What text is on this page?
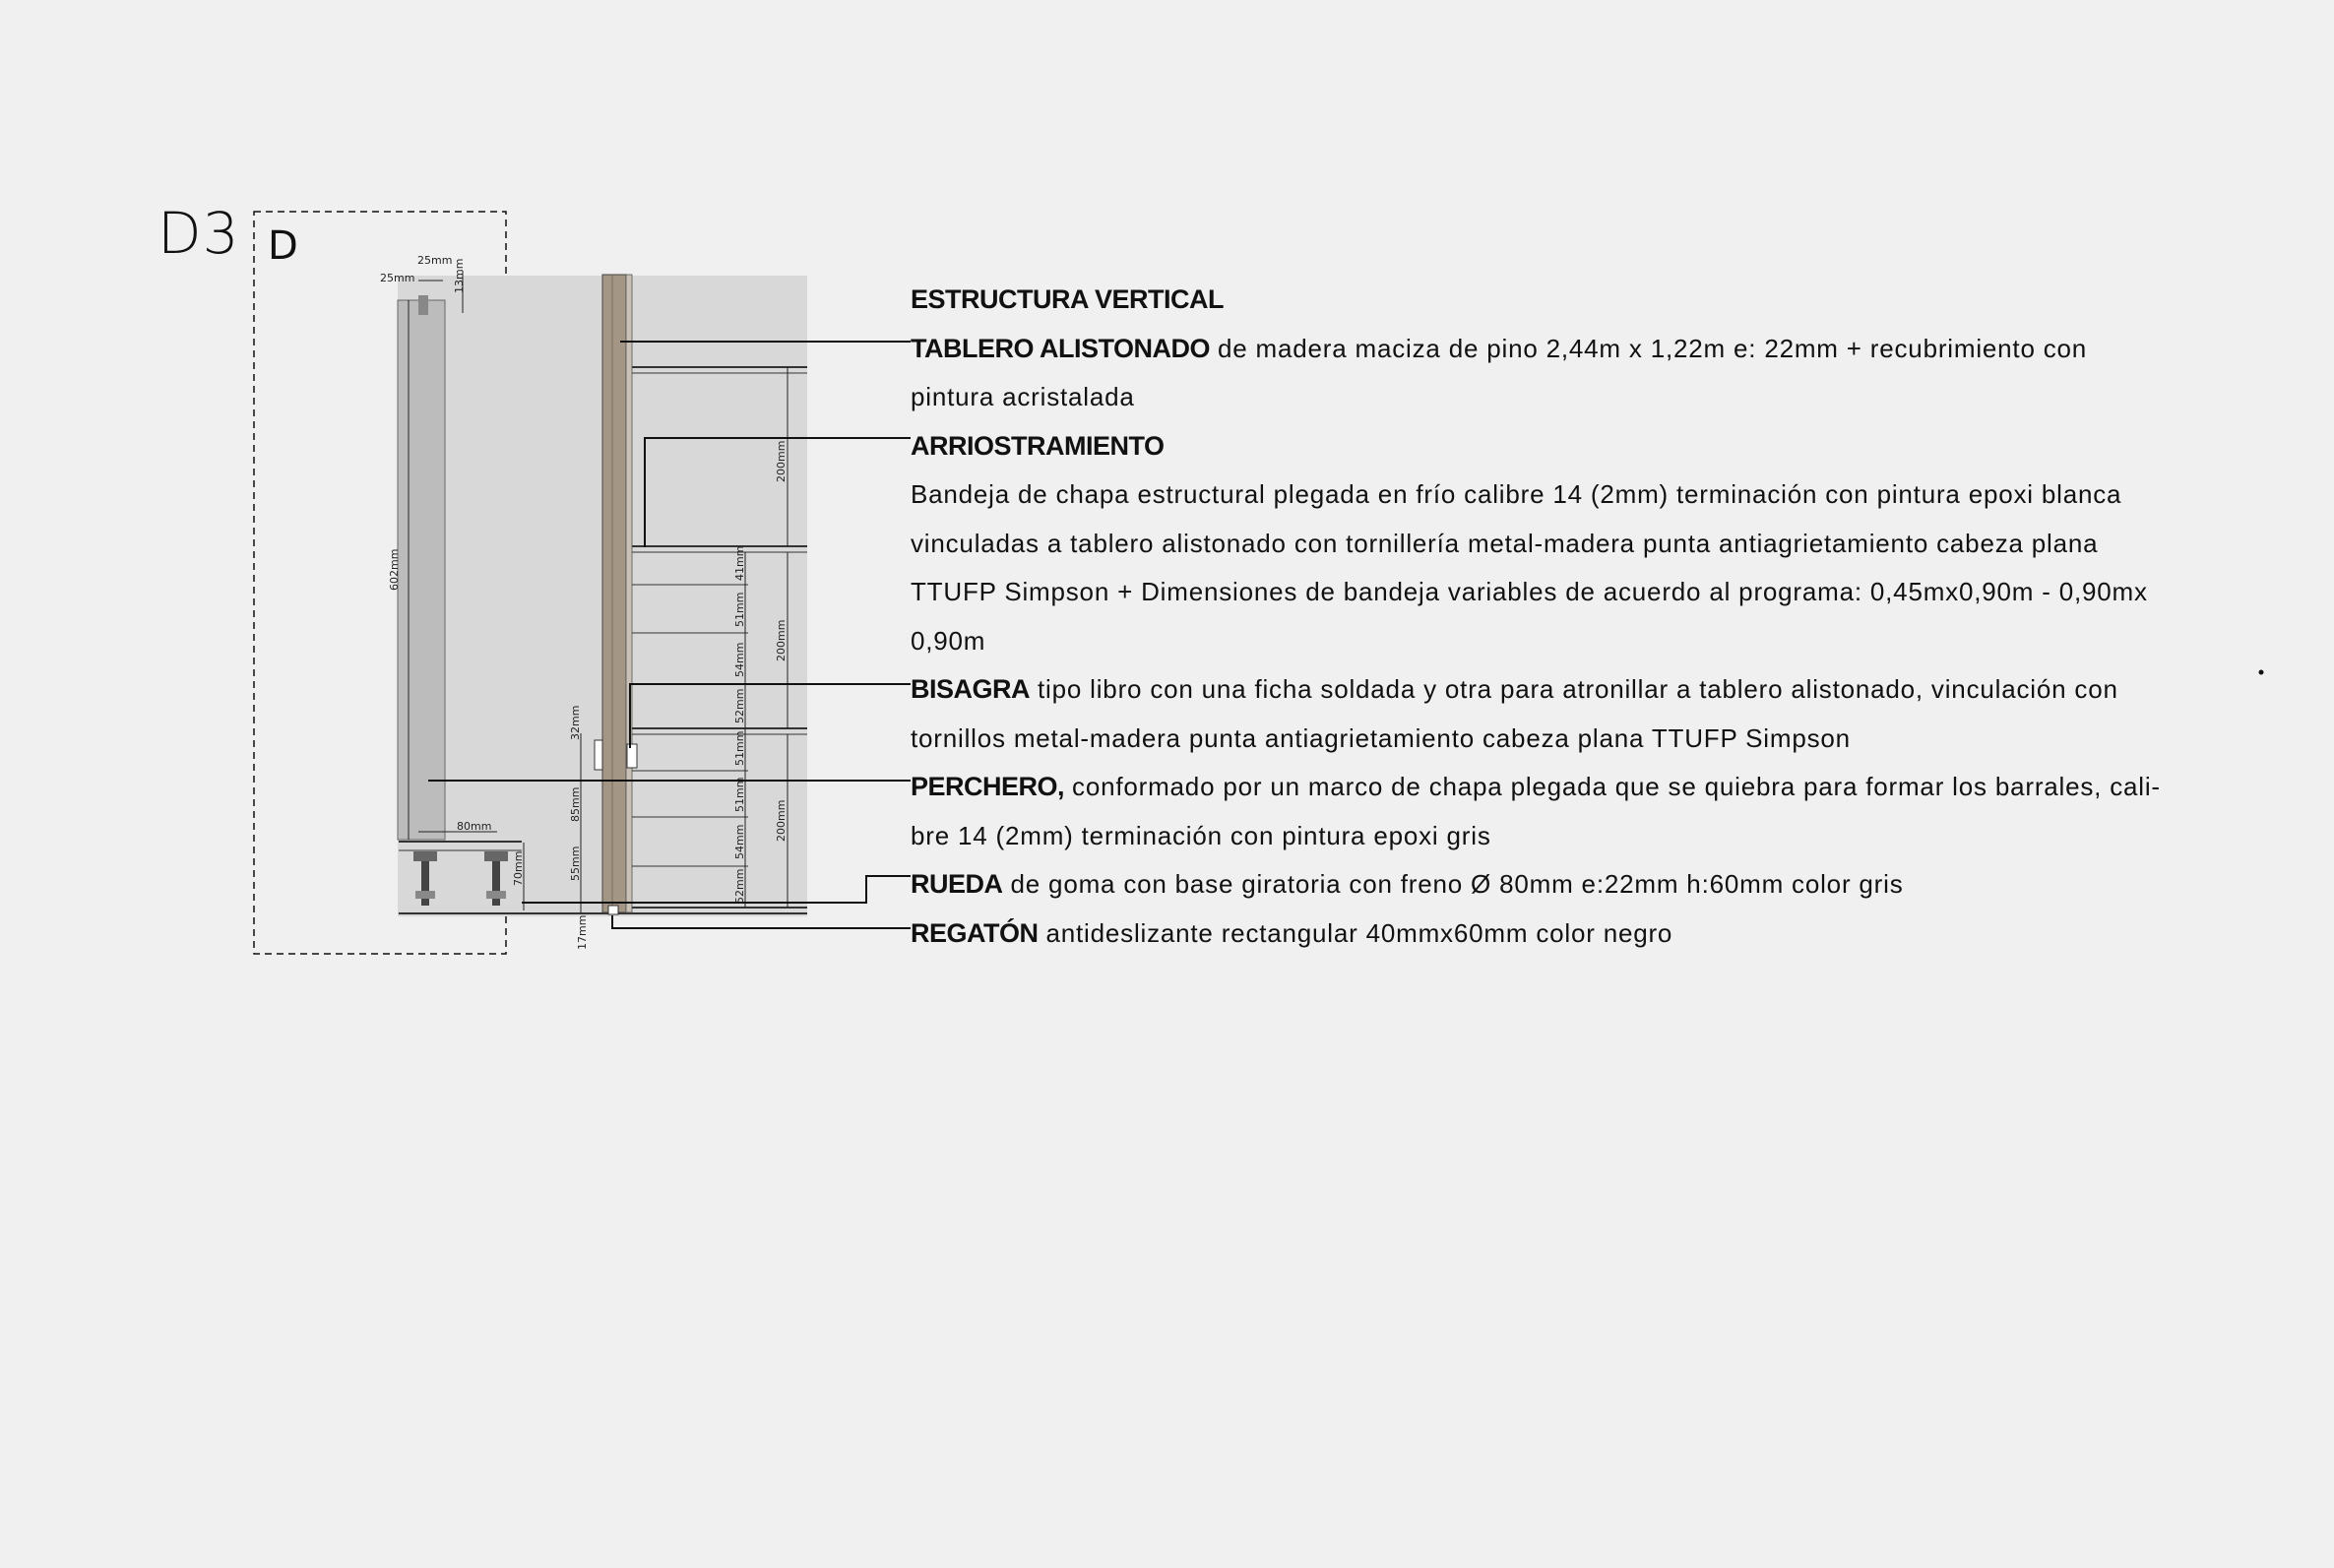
D3 D	25mm
25mm	13mm
602mm
80mm
70mm
32mm
85mm
55mm
17mm
200mm
200mm
200mm
41mm
51mm
54mm
52mm
51mm
51mm
54mm
52mm

ESTRUCTURA VERTICAL

TABLERO ALISTONADO de madera maciza de pino 2,44m x 1,22m e: 22mm + recubrimiento con pintura acristalada

ARRIOSTRAMIENTO

Bandeja de chapa estructural plegada en frío calibre 14 (2mm) terminación con pintura epoxi blanca vinculadas a tablero alistonado con tornillería metal-madera punta antiagrietamiento cabeza plana TTUFP Simpson + Dimensiones de bandeja variables de acuerdo al programa: 0,45mx0,90m - 0,90mx 0,90m

BISAGRA tipo libro con una ficha soldada y otra para atronillar a tablero alistonado, vinculación con tornillos metal-madera punta antiagrietamiento cabeza plana TTUFP Simpson

PERCHERO, conformado por un marco de chapa plegada que se quiebra para formar los barrales, cali-bre 14 (2mm) terminación con pintura epoxi gris

RUEDA de goma con base giratoria con freno Ø 80mm e:22mm h:60mm color gris

REGATÓN antideslizante rectangular 40mmx60mm color negro
